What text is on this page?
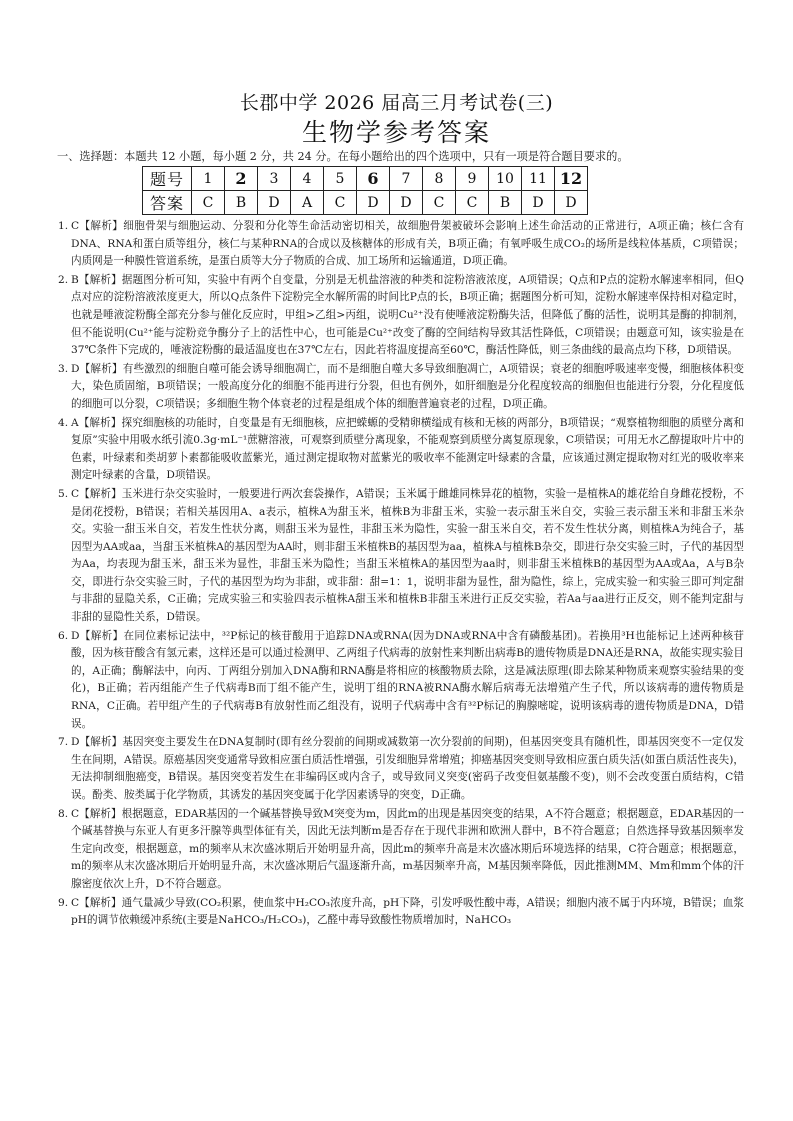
长郡中学 2026 届高三月考试卷(三)
生物学参考答案
一、选择题：本题共 12 小题，每小题 2 分，共 24 分。在每小题给出的四个选项中，只有一项是符合题目要求的。
题号	1	2	3	4	5	6	7	8	9	10	11	12
答案	C	B	D	A	C	D	D	C	C	B	D	D
1. C【解析】细胞骨架与细胞运动、分裂和分化等生命活动密切相关，故细胞骨架被破坏会影响上述生命活动的正常进行，A项正确；核仁含有DNA、RNA和蛋白质等组分，核仁与某种RNA的合成以及核糖体的形成有关，B项正确；有氧呼吸生成CO₂的场所是线粒体基质，C项错误；内质网是一种膜性管道系统，是蛋白质等大分子物质的合成、加工场所和运输通道，D项正确。
2. B【解析】据题图分析可知，实验中有两个自变量，分别是无机盐溶液的种类和淀粉溶液浓度，A项错误；Q点和P点的淀粉水解速率相同，但Q点对应的淀粉溶液浓度更大，所以Q点条件下淀粉完全水解所需的时间比P点的长，B项正确；据题图分析可知，淀粉水解速率保持相对稳定时，也就是唾液淀粉酶全部充分参与催化反应时，甲组>乙组>丙组，说明Cu²⁺没有使唾液淀粉酶失活，但降低了酶的活性，说明其是酶的抑制剂，但不能说明(Cu²⁺能与淀粉竞争酶分子上的活性中心，也可能是Cu²⁺改变了酶的空间结构导致其活性降低，C项错误；由题意可知，该实验是在37℃条件下完成的，唾液淀粉酶的最适温度也在37℃左右，因此若将温度提高至60℃，酶活性降低，则三条曲线的最高点均下移，D项错误。
3. D【解析】有些激烈的细胞自噬可能会诱导细胞凋亡，而不是细胞自噬大多导致细胞凋亡，A项错误；衰老的细胞呼吸速率变慢，细胞核体积变大，染色质固缩，B项错误；一般高度分化的细胞不能再进行分裂，但也有例外，如肝细胞是分化程度较高的细胞但也能进行分裂，分化程度低的细胞可以分裂，C项错误；多细胞生物个体衰老的过程是组成个体的细胞普遍衰老的过程，D项正确。
4. A【解析】探究细胞核的功能时，自变量是有无细胞核，应把蝾螈的受精卵横缢成有核和无核的两部分，B项错误；“观察植物细胞的质壁分离和复原”实验中用吸水纸引流0.3g·mL⁻¹蔗糖溶液，可观察到质壁分离现象，不能观察到质壁分离复原现象，C项错误；可用无水乙醇提取叶片中的色素，叶绿素和类胡萝卜素都能吸收蓝紫光，通过测定提取物对蓝紫光的吸收率不能测定叶绿素的含量，应该通过测定提取物对红光的吸收率来测定叶绿素的含量，D项错误。
5. C【解析】玉米进行杂交实验时，一般要进行两次套袋操作，A错误；玉米属于雌雄同株异花的植物，实验一是植株A的雄花给自身雌花授粉，不是闭花授粉，B错误；若相关基因用A、a表示，植株A为甜玉米，植株B为非甜玉米，实验一表示甜玉米自交，实验三表示甜玉米和非甜玉米杂交。实验一甜玉米自交，若发生性状分离，则甜玉米为显性，非甜玉米为隐性，实验一甜玉米自交，若不发生性状分离，则植株A为纯合子，基因型为AA或aa，当甜玉米植株A的基因型为AA时，则非甜玉米植株B的基因型为aa，植株A与植株B杂交，即进行杂交实验三时，子代的基因型为Aa，均表现为甜玉米，甜玉米为显性，非甜玉米为隐性；当甜玉米植株A的基因型为aa时，则非甜玉米植株B的基因型为AA或Aa，A与B杂交，即进行杂交实验三时，子代的基因型为均为非甜，或非甜：甜=1：1，说明非甜为显性，甜为隐性，综上，完成实验一和实验三即可判定甜与非甜的显隐关系，C正确；完成实验三和实验四表示植株A甜玉米和植株B非甜玉米进行正反交实验，若Aa与aa进行正反交，则不能判定甜与非甜的显隐性关系，D错误。
6. D【解析】在同位素标记法中，³²P标记的核苷酸用于追踪DNA或RNA(因为DNA或RNA中含有磷酸基团)。若换用³H也能标记上述两种核苷酸，因为核苷酸含有氢元素，这样还是可以通过检测甲、乙两组子代病毒的放射性来判断出病毒B的遗传物质是DNA还是RNA，故能实现实验目的，A正确；酶解法中，向丙、丁两组分别加入DNA酶和RNA酶是将相应的核酸物质去除，这是减法原理(即去除某种物质来观察实验结果的变化)，B正确；若丙组能产生子代病毒B而丁组不能产生，说明丁组的RNA被RNA酶水解后病毒无法增殖产生子代，所以该病毒的遗传物质是RNA，C正确。若甲组产生的子代病毒B有放射性而乙组没有，说明子代病毒中含有³²P标记的胸腺嘧啶，说明该病毒的遗传物质是DNA，D错误。
7. D【解析】基因突变主要发生在DNA复制时(即有丝分裂前的间期或减数第一次分裂前的间期)，但基因突变具有随机性，即基因突变不一定仅发生在间期，A错误。原癌基因突变通常导致相应蛋白质活性增强，引发细胞异常增殖；抑癌基因突变则导致相应蛋白质失活(如蛋白质活性丧失)，无法抑制细胞癌变，B错误。基因突变若发生在非编码区或内含子，或导致同义突变(密码子改变但氨基酸不变)，则不会改变蛋白质结构，C错误。酚类、胺类属于化学物质，其诱发的基因突变属于化学因素诱导的突变，D正确。
8. C【解析】根据题意，EDAR基因的一个碱基替换导致M突变为m，因此m的出现是基因突变的结果，A不符合题意；根据题意，EDAR基因的一个碱基替换与东亚人有更多汗腺等典型体征有关，因此无法判断m是否存在于现代非洲和欧洲人群中，B不符合题意；自然选择导致基因频率发生定向改变，根据题意，m的频率从末次盛冰期后开始明显升高，因此m的频率升高是末次盛冰期后环境选择的结果，C符合题意；根据题意，m的频率从末次盛冰期后开始明显升高，末次盛冰期后气温逐渐升高，m基因频率升高，M基因频率降低，因此推测MM、Mm和mm个体的汗腺密度依次上升，D不符合题意。
9. C【解析】通气量减少导致(CO₂积累，使血浆中H₂CO₃浓度升高，pH下降，引发呼吸性酸中毒，A错误；细胞内液不属于内环境，B错误；血浆pH的调节依赖缓冲系统(主要是NaHCO₃/H₂CO₃)，乙醛中毒导致酸性物质增加时，NaHCO₃
